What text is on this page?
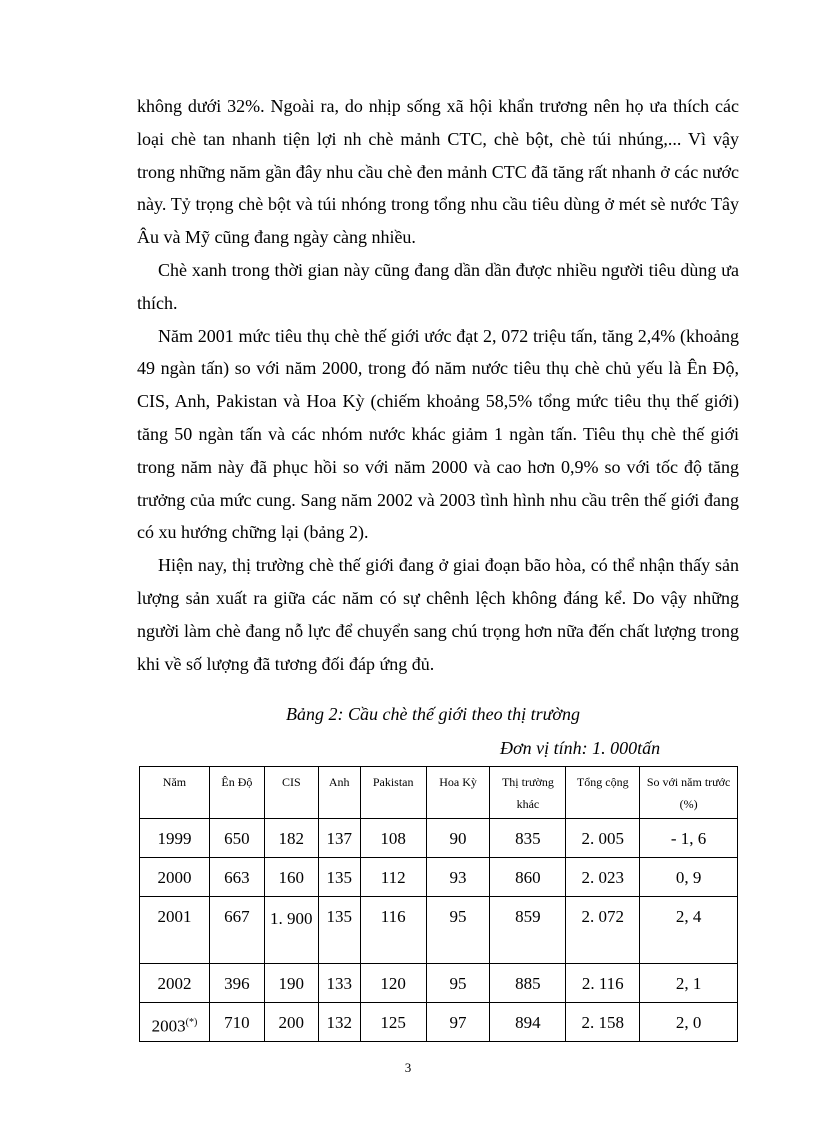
không dưới 32%. Ngoài ra, do nhịp sống xã hội khẩn trương nên họ ưa thích các loại chè tan nhanh tiện lợi nh chè mảnh CTC, chè bột, chè túi nhúng,... Vì vậy trong những năm gần đây nhu cầu chè đen mảnh CTC đã tăng rất nhanh ở các nước này. Tỷ trọng chè bột và túi nhóng trong tổng nhu cầu tiêu dùng ở mét sè nước Tây Âu và Mỹ cũng đang ngày càng nhiều.

Chè xanh trong thời gian này cũng đang dần dần được nhiều người tiêu dùng ưa thích.

Năm 2001 mức tiêu thụ chè thế giới ước đạt 2, 072 triệu tấn, tăng 2,4% (khoảng 49 ngàn tấn) so với năm 2000, trong đó năm nước tiêu thụ chè chủ yếu là Ên Độ, CIS, Anh, Pakistan và Hoa Kỳ (chiếm khoảng 58,5% tổng mức tiêu thụ thế giới) tăng 50 ngàn tấn và các nhóm nước khác giảm 1 ngàn tấn. Tiêu thụ chè thế giới trong năm này đã phục hồi so với năm 2000 và cao hơn 0,9% so với tốc độ tăng trưởng của mức cung. Sang năm 2002 và 2003 tình hình nhu cầu trên thế giới đang có xu hướng chững lại (bảng 2).

Hiện nay, thị trường chè thế giới đang ở giai đoạn bão hòa, có thể nhận thấy sản lượng sản xuất ra giữa các năm có sự chênh lệch không đáng kể. Do vậy những người làm chè đang nỗ lực để chuyển sang chú trọng hơn nữa đến chất lượng trong khi về số lượng đã tương đối đáp ứng đủ.

Bảng 2: Cầu chè thế giới theo thị trường
Đơn vị tính: 1. 000tấn
Năm	Ên Độ	CIS	Anh	Pakistan	Hoa Kỳ	Thị trường khác	Tổng cộng	So với năm trước (%)
1999	650	182	137	108	90	835	2. 005	- 1, 6
2000	663	160	135	112	93	860	2. 023	0, 9
2001	667	1. 900	135	116	95	859	2. 072	2, 4
2002	396	190	133	120	95	885	2. 116	2, 1
2003(*)	710	200	132	125	97	894	2. 158	2, 0
3
